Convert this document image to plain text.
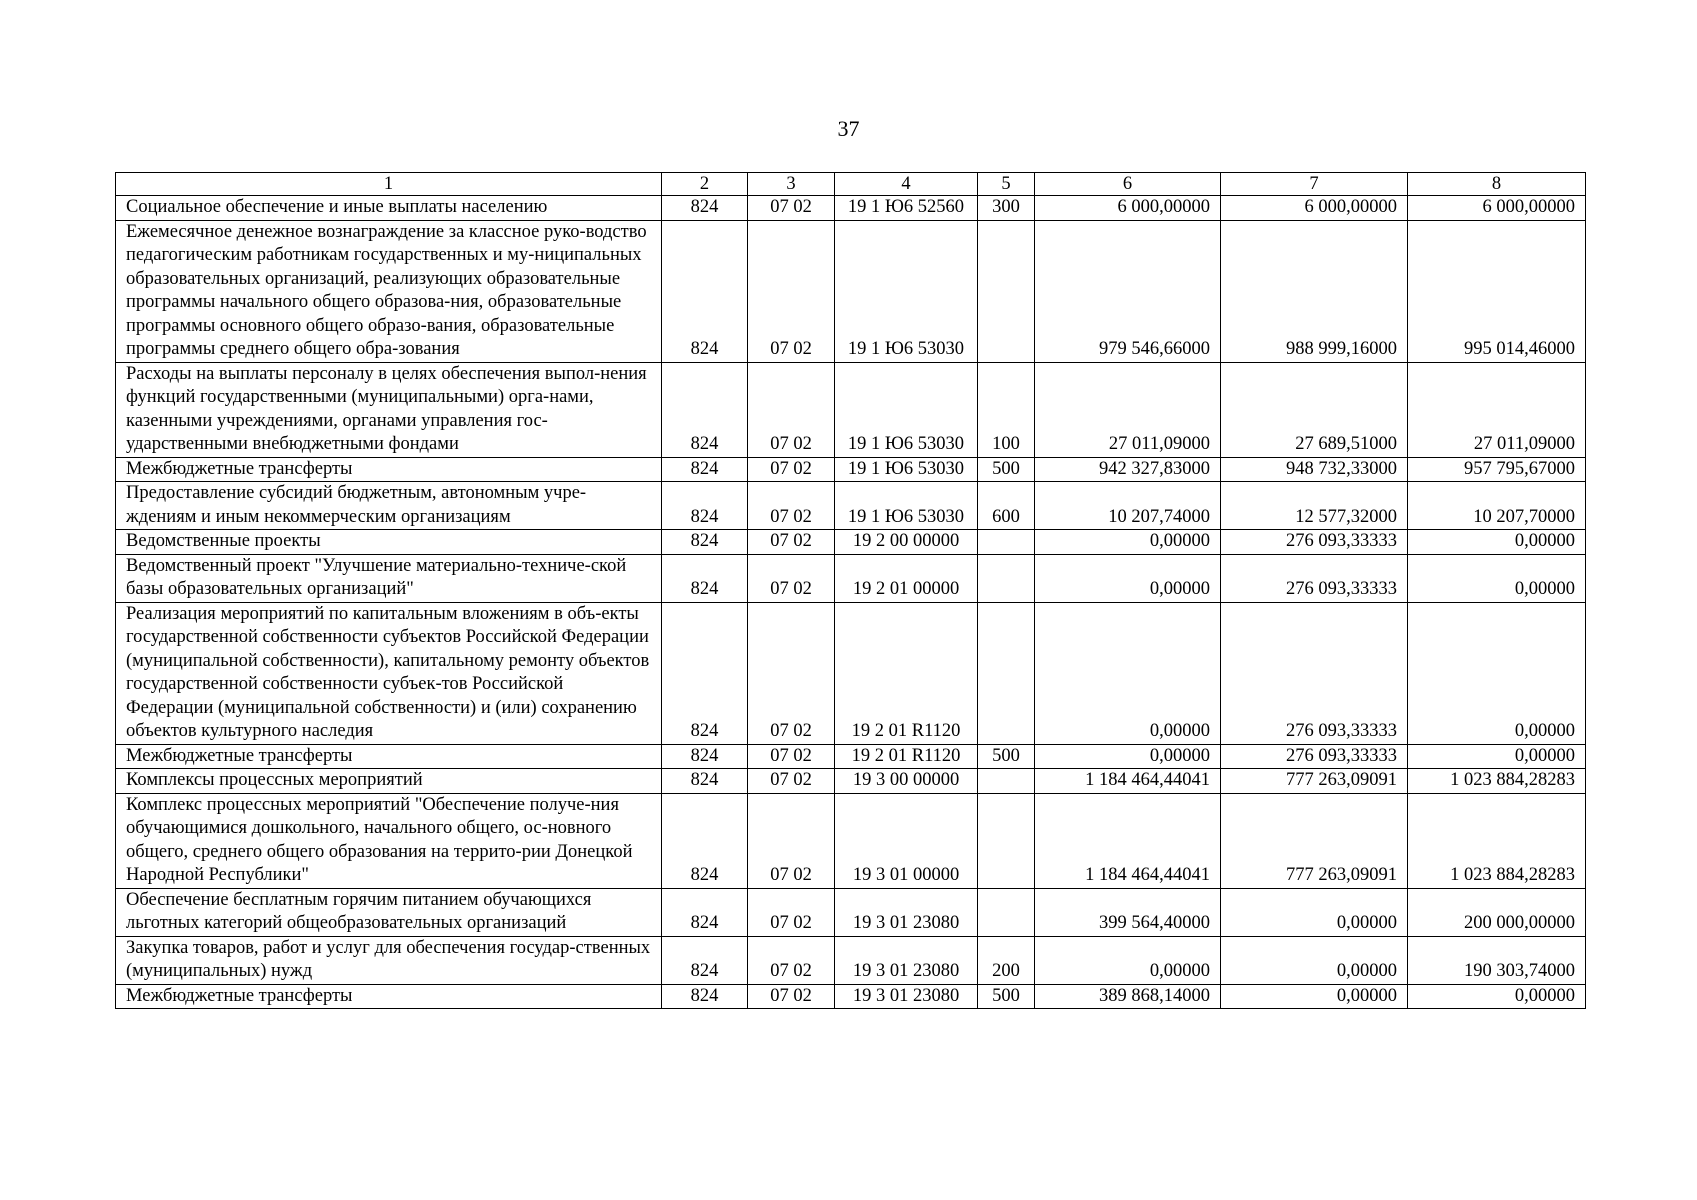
37
1	2	3	4	5	6	7	8
Социальное обеспечение и иные выплаты населению	824	07 02	19 1 Ю6 52560	300	6 000,00000	6 000,00000	6 000,00000
Ежемесячное денежное вознаграждение за классное руко-водство педагогическим работникам государственных и му-ниципальных образовательных организаций, реализующих образовательные программы начального общего образова-ния, образовательные программы основного общего образо-вания, образовательные программы среднего общего обра-зования	824	07 02	19 1 Ю6 53030		979 546,66000	988 999,16000	995 014,46000
Расходы на выплаты персоналу в целях обеспечения выпол-нения функций государственными (муниципальными) орга-нами, казенными учреждениями, органами управления гос-ударственными внебюджетными фондами	824	07 02	19 1 Ю6 53030	100	27 011,09000	27 689,51000	27 011,09000
Межбюджетные трансферты	824	07 02	19 1 Ю6 53030	500	942 327,83000	948 732,33000	957 795,67000
Предоставление субсидий бюджетным, автономным учре-ждениям и иным некоммерческим организациям	824	07 02	19 1 Ю6 53030	600	10 207,74000	12 577,32000	10 207,70000
Ведомственные проекты	824	07 02	19 2 00 00000		0,00000	276 093,33333	0,00000
Ведомственный проект "Улучшение материально-техниче-ской базы образовательных организаций"	824	07 02	19 2 01 00000		0,00000	276 093,33333	0,00000
Реализация мероприятий по капитальным вложениям в объ-екты государственной собственности субъектов Российской Федерации (муниципальной собственности), капитальному ремонту объектов государственной собственности субъек-тов Российской Федерации (муниципальной собственности) и (или) сохранению объектов культурного наследия	824	07 02	19 2 01 R1120		0,00000	276 093,33333	0,00000
Межбюджетные трансферты	824	07 02	19 2 01 R1120	500	0,00000	276 093,33333	0,00000
Комплексы процессных мероприятий	824	07 02	19 3 00 00000		1 184 464,44041	777 263,09091	1 023 884,28283
Комплекс процессных мероприятий "Обеспечение получе-ния обучающимися дошкольного, начального общего, ос-новного общего, среднего общего образования на террито-рии Донецкой Народной Республики"	824	07 02	19 3 01 00000		1 184 464,44041	777 263,09091	1 023 884,28283
Обеспечение бесплатным горячим питанием обучающихся льготных категорий общеобразовательных организаций	824	07 02	19 3 01 23080		399 564,40000	0,00000	200 000,00000
Закупка товаров, работ и услуг для обеспечения государ-ственных (муниципальных) нужд	824	07 02	19 3 01 23080	200	0,00000	0,00000	190 303,74000
Межбюджетные трансферты	824	07 02	19 3 01 23080	500	389 868,14000	0,00000	0,00000
